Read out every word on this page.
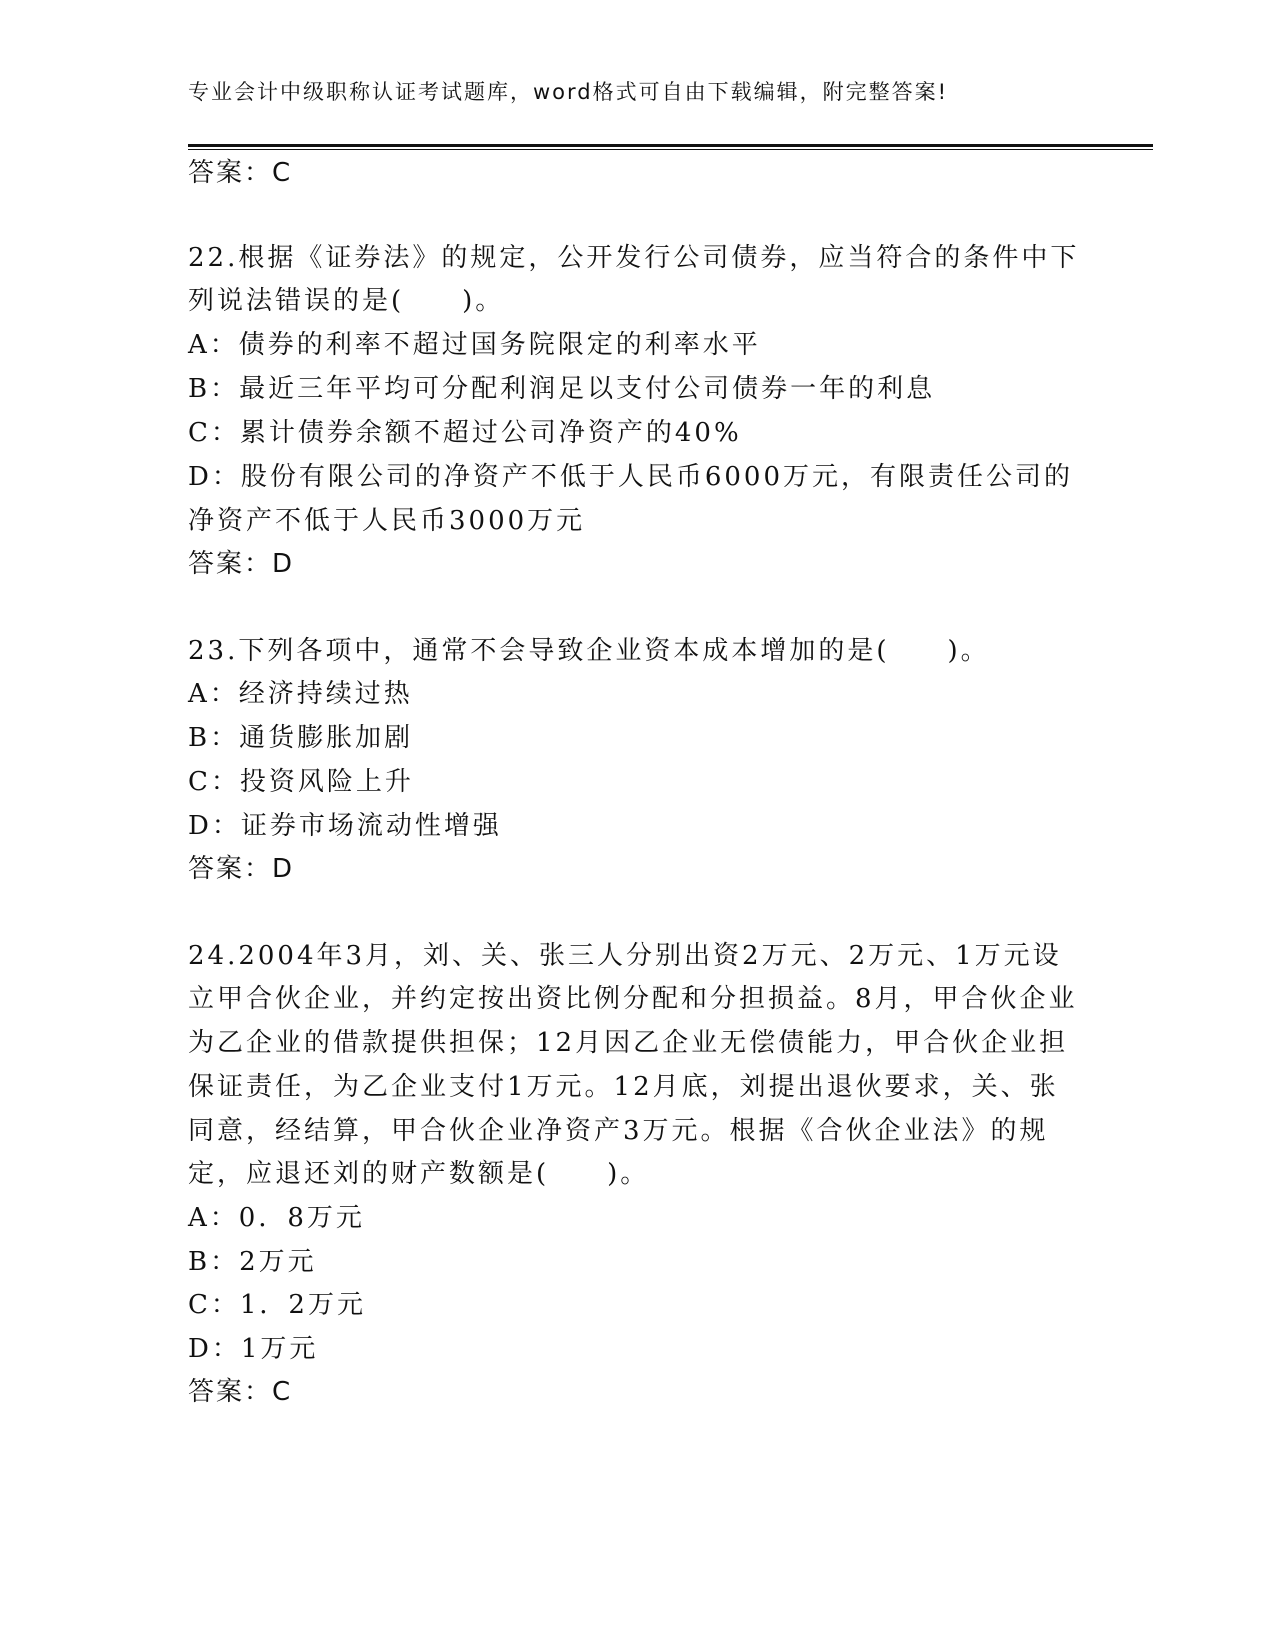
专业会计中级职称认证考试题库，word格式可自由下载编辑，附完整答案!
答案：C
22.根据《证券法》的规定，公开发行公司债券，应当符合的条件中下
列说法错误的是(　　)。
A：债券的利率不超过国务院限定的利率水平
B：最近三年平均可分配利润足以支付公司债券一年的利息
C：累计债券余额不超过公司净资产的40%
D：股份有限公司的净资产不低于人民币6000万元，有限责任公司的
净资产不低于人民币3000万元
答案：D
23.下列各项中，通常不会导致企业资本成本增加的是(　　)。
A：经济持续过热
B：通货膨胀加剧
C：投资风险上升
D：证券市场流动性增强
答案：D
24.2004年3月，刘、关、张三人分别出资2万元、2万元、1万元设
立甲合伙企业，并约定按出资比例分配和分担损益。8月，甲合伙企业
为乙企业的借款提供担保；12月因乙企业无偿债能力，甲合伙企业担
保证责任，为乙企业支付1万元。12月底，刘提出退伙要求，关、张
同意，经结算，甲合伙企业净资产3万元。根据《合伙企业法》的规
定，应退还刘的财产数额是(　　)。
A：0．8万元
B：2万元
C：1．2万元
D：1万元
答案：C
